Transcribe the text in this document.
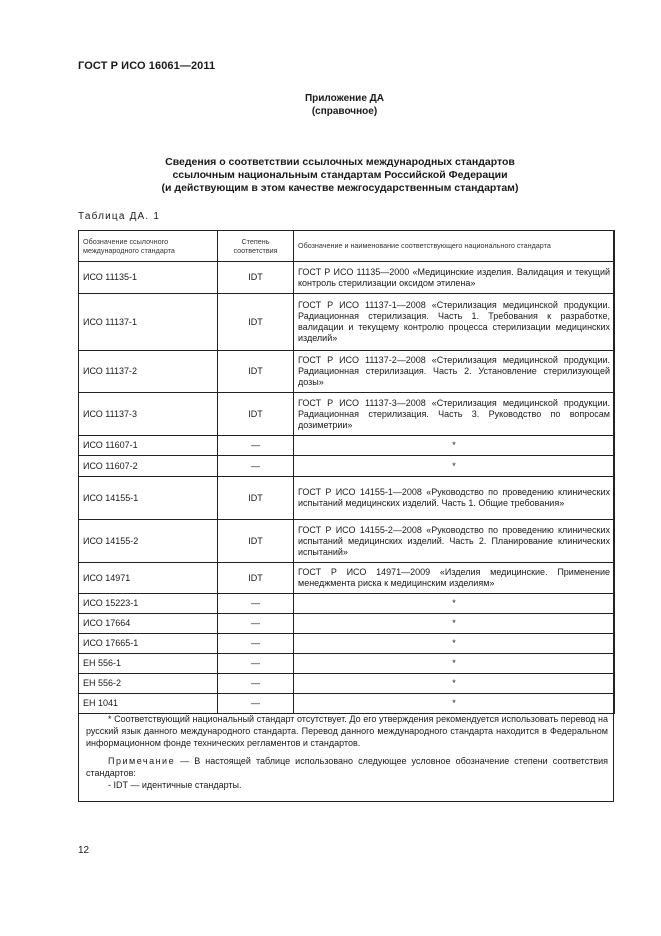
ГОСТ Р ИСО 16061—2011
Приложение ДА
(справочное)
Сведения о соответствии ссылочных международных стандартов
ссылочным национальным стандартам Российской Федерации
(и действующим в этом качестве межгосударственным стандартам)
Таблица ДА. 1
Обозначение ссылочного международного стандарта	Степень соответствия	Обозначение и наименование соответствующего национального стандарта
ИСО 11135-1	IDT	ГОСТ Р ИСО 11135—2000 «Медицинские изделия. Валидация и текущий контроль стерилизации оксидом этилена»
ИСО 11137-1	IDT	ГОСТ Р ИСО 11137-1—2008 «Стерилизация медицинской продукции. Радиационная стерилизация. Часть 1. Требования к разработке, валидации и текущему контролю процесса стерилизации медицинских изделий»
ИСО 11137-2	IDT	ГОСТ Р ИСО 11137-2—2008 «Стерилизация медицинской продукции. Радиационная стерилизация. Часть 2. Установление стерилизующей дозы»
ИСО 11137-3	IDT	ГОСТ Р ИСО 11137-3—2008 «Стерилизация медицинской продукции. Радиационная стерилизация. Часть 3. Руководство по вопросам дозиметрии»
ИСО 11607-1	—	*
ИСО 11607-2	—	*
ИСО 14155-1	IDT	ГОСТ Р ИСО 14155-1—2008 «Руководство по проведению клинических испытаний медицинских изделий. Часть 1. Общие требования»
ИСО 14155-2	IDT	ГОСТ Р ИСО 14155-2—2008 «Руководство по проведению клинических испытаний медицинских изделий. Часть 2. Планирование клинических испытаний»
ИСО 14971	IDT	ГОСТ Р ИСО 14971—2009 «Изделия медицинские. Применение менеджмента риска к медицинским изделиям»
ИСО 15223-1	—	*
ИСО 17664	—	*
ИСО 17665-1	—	*
ЕН 556-1	—	*
ЕН 556-2	—	*
ЕН 1041	—	*

* Соответствующий национальный стандарт отсутствует. До его утверждения рекомендуется использовать перевод на русский язык данного международного стандарта. Перевод данного международного стандарта находится в Федеральном информационном фонде технических регламентов и стандартов.

Примечание — В настоящей таблице использовано следующее условное обозначение степени соответствия стандартов:

- IDT — идентичные стандарты.

12
